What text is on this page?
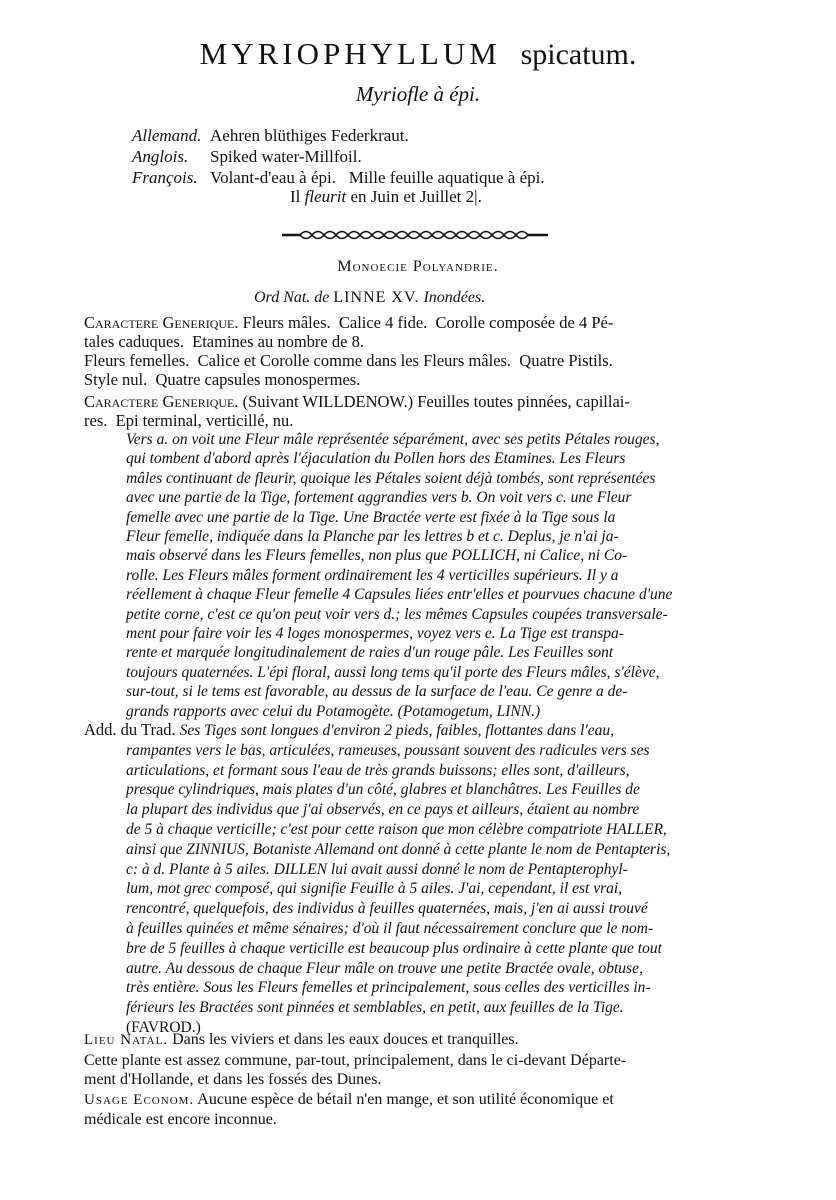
MYRIOPHYLLUM spicatum.
Myriofle à épi.
Allemand. Aehren blüthiges Federkraut.
Anglois. Spiked water-Millfoil.
François. Volant-d'eau à épi.   Mille feuille aquatique à épi.
Il fleurit en Juin et Juillet 2|.
Monoecie Polyandrie.
Ord Nat. de LINNE XV. Inondées.

Caractere Generique. Fleurs mâles.  Calice 4 fide.  Corolle composée de 4 Pé-

tales caduques.  Etamines au nombre de 8.

Fleurs femelles.  Calice et Corolle comme dans les Fleurs mâles.  Quatre Pistils.

Style nul.  Quatre capsules monospermes.

Caractere Generique. (Suivant WILLDENOW.) Feuilles toutes pinnées, capillai-

res.  Epi terminal, verticillé, nu.

Vers a. on voit une Fleur mâle représentée séparément, avec ses petits Pétales rouges,
qui tombent d'abord après l'éjaculation du Pollen hors des Etamines. Les Fleurs
mâles continuant de fleurir, quoique les Pétales soient déjà tombés, sont représentées
avec une partie de la Tige, fortement aggrandies vers b. On voit vers c. une Fleur
femelle avec une partie de la Tige. Une Bractée verte est fixée à la Tige sous la
Fleur femelle, indiquée dans la Planche par les lettres b et c. Deplus, je n'ai ja-
mais observé dans les Fleurs femelles, non plus que POLLICH, ni Calice, ni Co-
rolle. Les Fleurs mâles forment ordinairement les 4 verticilles supérieurs. Il y a
réellement à chaque Fleur femelle 4 Capsules liées entr'elles et pourvues chacune d'une
petite corne, c'est ce qu'on peut voir vers d.; les mêmes Capsules coupées transversale-
ment pour faire voir les 4 loges monospermes, voyez vers e. La Tige est transpa-
rente et marquée longitudinalement de raies d'un rouge pâle. Les Feuilles sont
toujours quaternées. L'épi floral, aussi long tems qu'il porte des Fleurs mâles, s'élève,
sur-tout, si le tems est favorable, au dessus de la surface de l'eau. Ce genre a de-
grands rapports avec celui du Potamogète. (Potamogetum, LINN.)
Add. du Trad. Ses Tiges sont longues d'environ 2 pieds, faibles, flottantes dans l'eau,
rampantes vers le bas, articulées, rameuses, poussant souvent des radicules vers ses
articulations, et formant sous l'eau de très grands buissons; elles sont, d'ailleurs,
presque cylindriques, mais plates d'un côté, glabres et blanchâtres. Les Feuilles de
la plupart des individus que j'ai observés, en ce pays et ailleurs, étaient au nombre
de 5 à chaque verticille; c'est pour cette raison que mon célèbre compatriote HALLER,
ainsi que ZINNIUS, Botaniste Allemand ont donné à cette plante le nom de Pentapteris,
c: à d. Plante à 5 ailes. DILLEN lui avait aussi donné le nom de Pentapterophyl-
lum, mot grec composé, qui signifie Feuille à 5 ailes. J'ai, cependant, il est vrai,
rencontré, quelquefois, des individus à feuilles quaternées, mais, j'en ai aussi trouvé
à feuilles quinées et même sénaires; d'où il faut nécessairement conclure que le nom-
bre de 5 feuilles à chaque verticille est beaucoup plus ordinaire à cette plante que tout
autre. Au dessous de chaque Fleur mâle on trouve une petite Bractée ovale, obtuse,
très entière. Sous les Fleurs femelles et principalement, sous celles des verticilles in-
férieurs les Bractées sont pinnées et semblables, en petit, aux feuilles de la Tige.
(FAVROD.)

Lieu Natal. Dans les viviers et dans les eaux douces et tranquilles.

Cette plante est assez commune, par-tout, principalement, dans le ci-devant Départe-

ment d'Hollande, et dans les fossés des Dunes.

Usage Econom. Aucune espèce de bétail n'en mange, et son utilité économique et

médicale est encore inconnue.
